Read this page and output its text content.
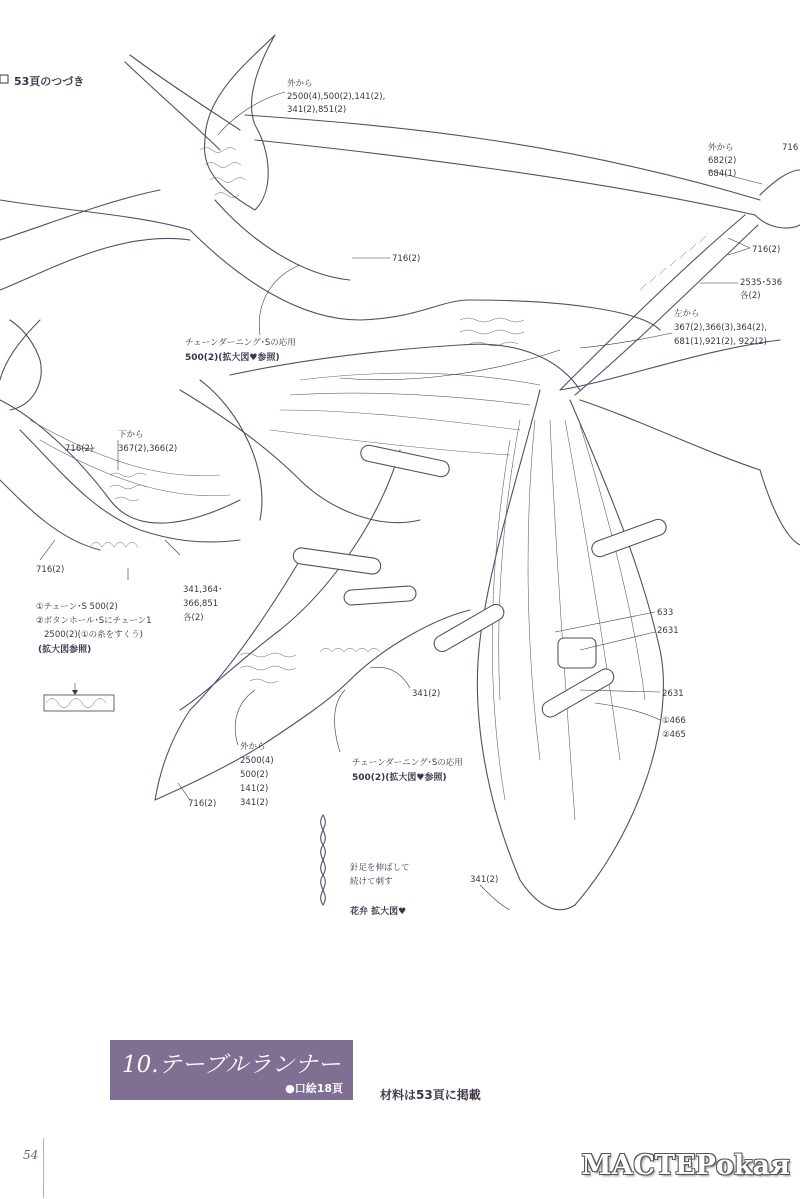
53頁のつづき	外から
2500(4),500(2),141(2),
341(2),851(2)
外から
682(2)
684(1)
716
716(2)
716(2)
2535･536
各(2)
左から
367(2),366(3),364(2),
681(1),921(2), 922(2)
チェーンダーニング･Sの応用
500(2)(拡大図♥参照)
下から
367(2),366(2)
716(2)
716(2)
341,364･
366,851
各(2)
①チェーン･S 500(2)
②ボタンホール･Sにチェーン1
2500(2)(①の糸をすくう)
(拡大図参照)
633
2631
2631
①466
②465
341(2)
外から
2500(4)
500(2)
141(2)
341(2)
716(2)
チェーンダーニング･Sの応用
500(2)(拡大図♥参照)
針足を伸ばして
続けて刺す
花弁 拡大図♥
341(2)
10.テーブルランナー
●口絵18頁	材料は53頁に掲載
54	МАСТЕРоkaя
